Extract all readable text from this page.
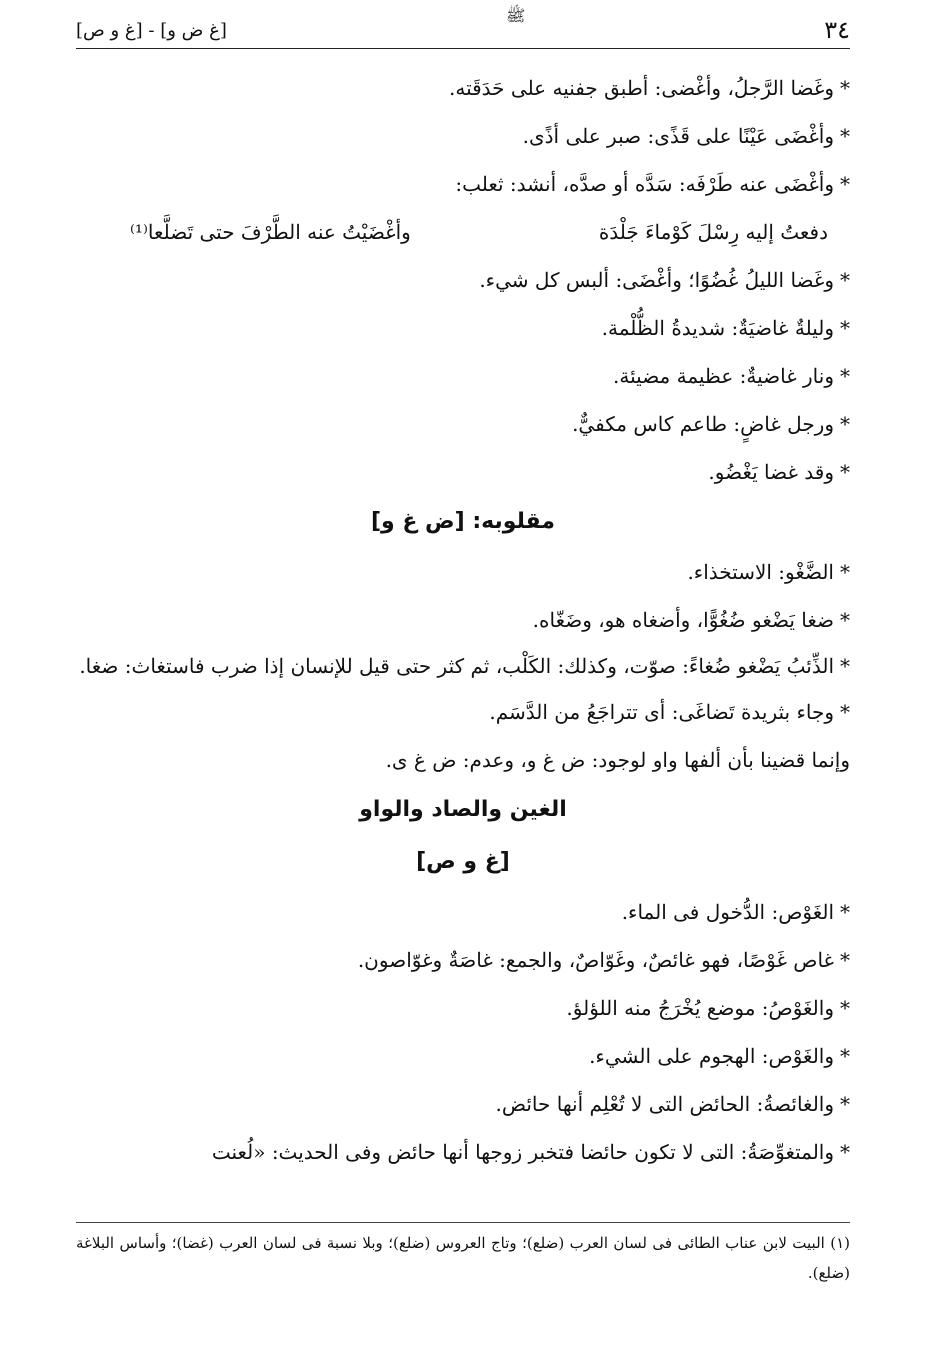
٣٤
ﷺ
[غ ض و] - [غ و ص]
*وغَضا الرَّجلُ، وأغْضى: أطبق جفنيه على حَدَقَته.
*وأغْضَى عَيْنًا على قَذًى: صبر على أذًى.
*وأغْضَى عنه طَرْفَه: سَدَّه أو صدَّه، أنشد: ثعلب:
دفعتُ إليه رِسْلَ كَوْماءَ جَلْدَة
وأغْضَيْتُ عنه الطَّرْفَ حتى تَضلَّعا⁽¹⁾
*وغَضا الليلُ غُضُوًا؛ وأغْضَى: ألبس كل شيء.
*وليلةٌ غاضيَةٌ: شديدةُ الظُّلْمة.
*ونار غاضيةٌ: عظيمة مضيئة.
*ورجل غاضٍ: طاعم كاس مكفيٌّ.
*وقد غضا يَغْضُو.
مقلوبه: [ض غ و]
*الضَّغْو: الاستخذاء.
*ضغا يَضْغو ضُغُوًّا، وأضغاه هو، وضَغّاه.
*الذِّئبُ يَضْغو ضُغاءً: صوّت، وكذلك: الكَلْب، ثم كثر حتى قيل للإنسان إذا ضرب فاستغاث: ضغا.
*وجاء بثريدة تَضاغَى: أى تتراجَعُ من الدَّسَم.
وإنما قضينا بأن ألفها واو لوجود: ض غ و، وعدم: ض غ ى.
الغين والصاد والواو
[غ و ص]
*الغَوْص: الدُّخول فى الماء.
*غاص غَوْصًا، فهو غائصٌ، وغَوّاصٌ، والجمع: غاصَةٌ وغوّاصون.
*والغَوْصُ: موضع يُخْرَجُ منه اللؤلؤ.
*والغَوْص: الهجوم على الشيء.
*والغائصةُ: الحائض التى لا تُعْلِم أنها حائض.
*والمتغوِّصَةُ: التى لا تكون حائضا فتخبر زوجها أنها حائض وفى الحديث: «لُعنت
(١) البيت لابن عناب الطائى فى لسان العرب (ضلع)؛ وتاج العروس (ضلع)؛ وبلا نسبة فى لسان العرب (غضا)؛ وأساس البلاغة (ضلع).
